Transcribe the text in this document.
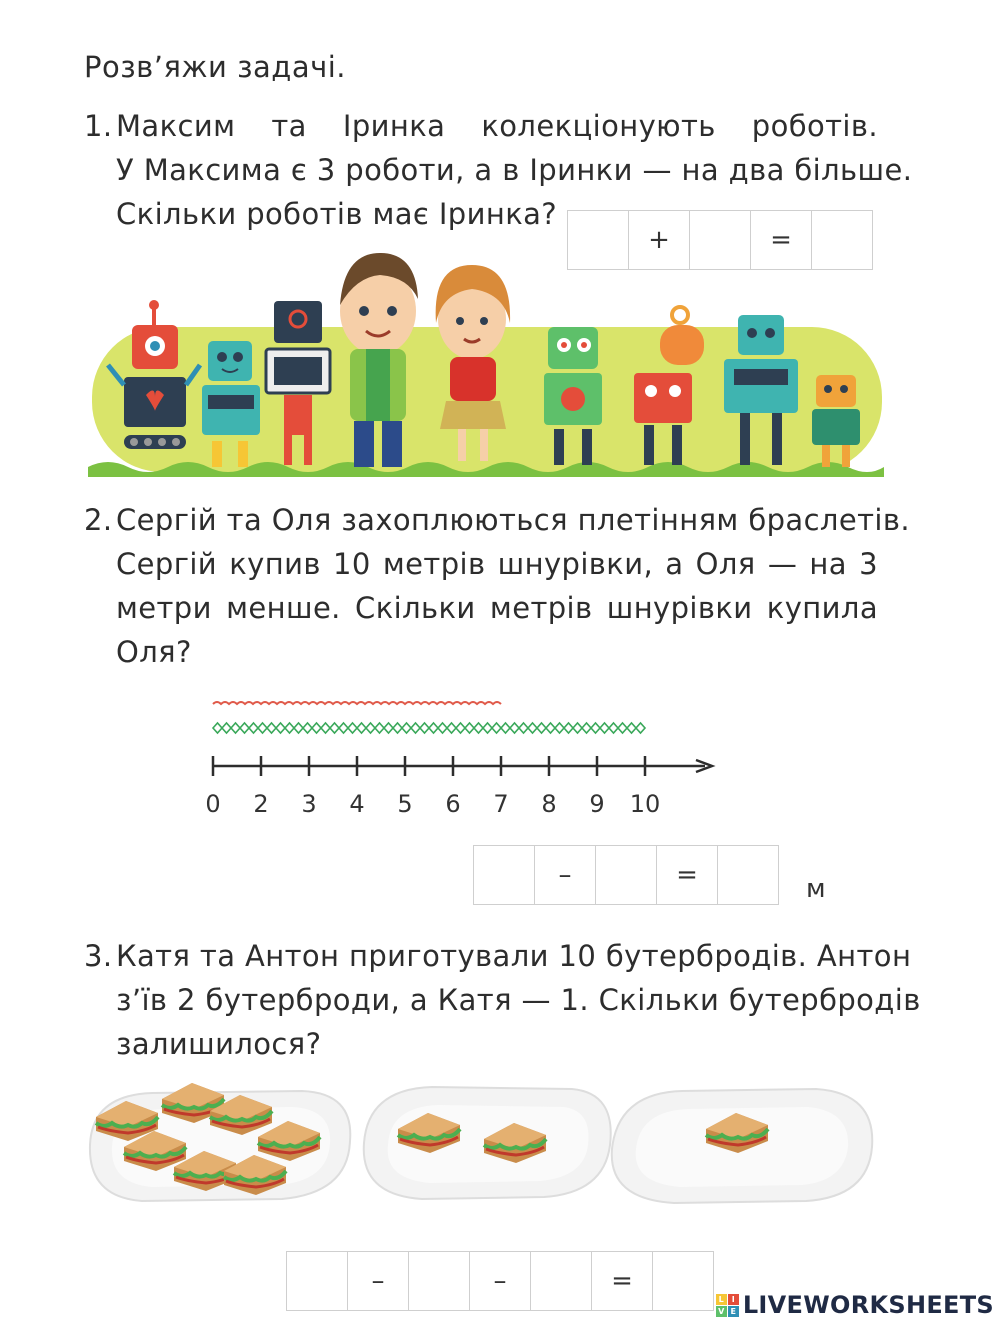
Розв’яжи задачі.
1. Максим та Іринка колекціонують роботів.
У Максима є 3 роботи, а в Іринки — на два більше.
Скільки роботів має Іринка?
+	=
2. Сергій та Оля захоплюються плетінням браслетів.
Сергій купив 10 метрів шнурівки, а Оля — на 3
метри менше. Скільки метрів шнурівки купила
Оля?
0 2 3 4 5 6 7 8 9 10
–	=	м
3. Катя та Антон приготували 10 бутербродів. Антон
з’їв 2 бутерброди, а Катя — 1. Скільки бутербродів
залишилося?
–	–	=
L I
V E LIVEWORKSHEETS
